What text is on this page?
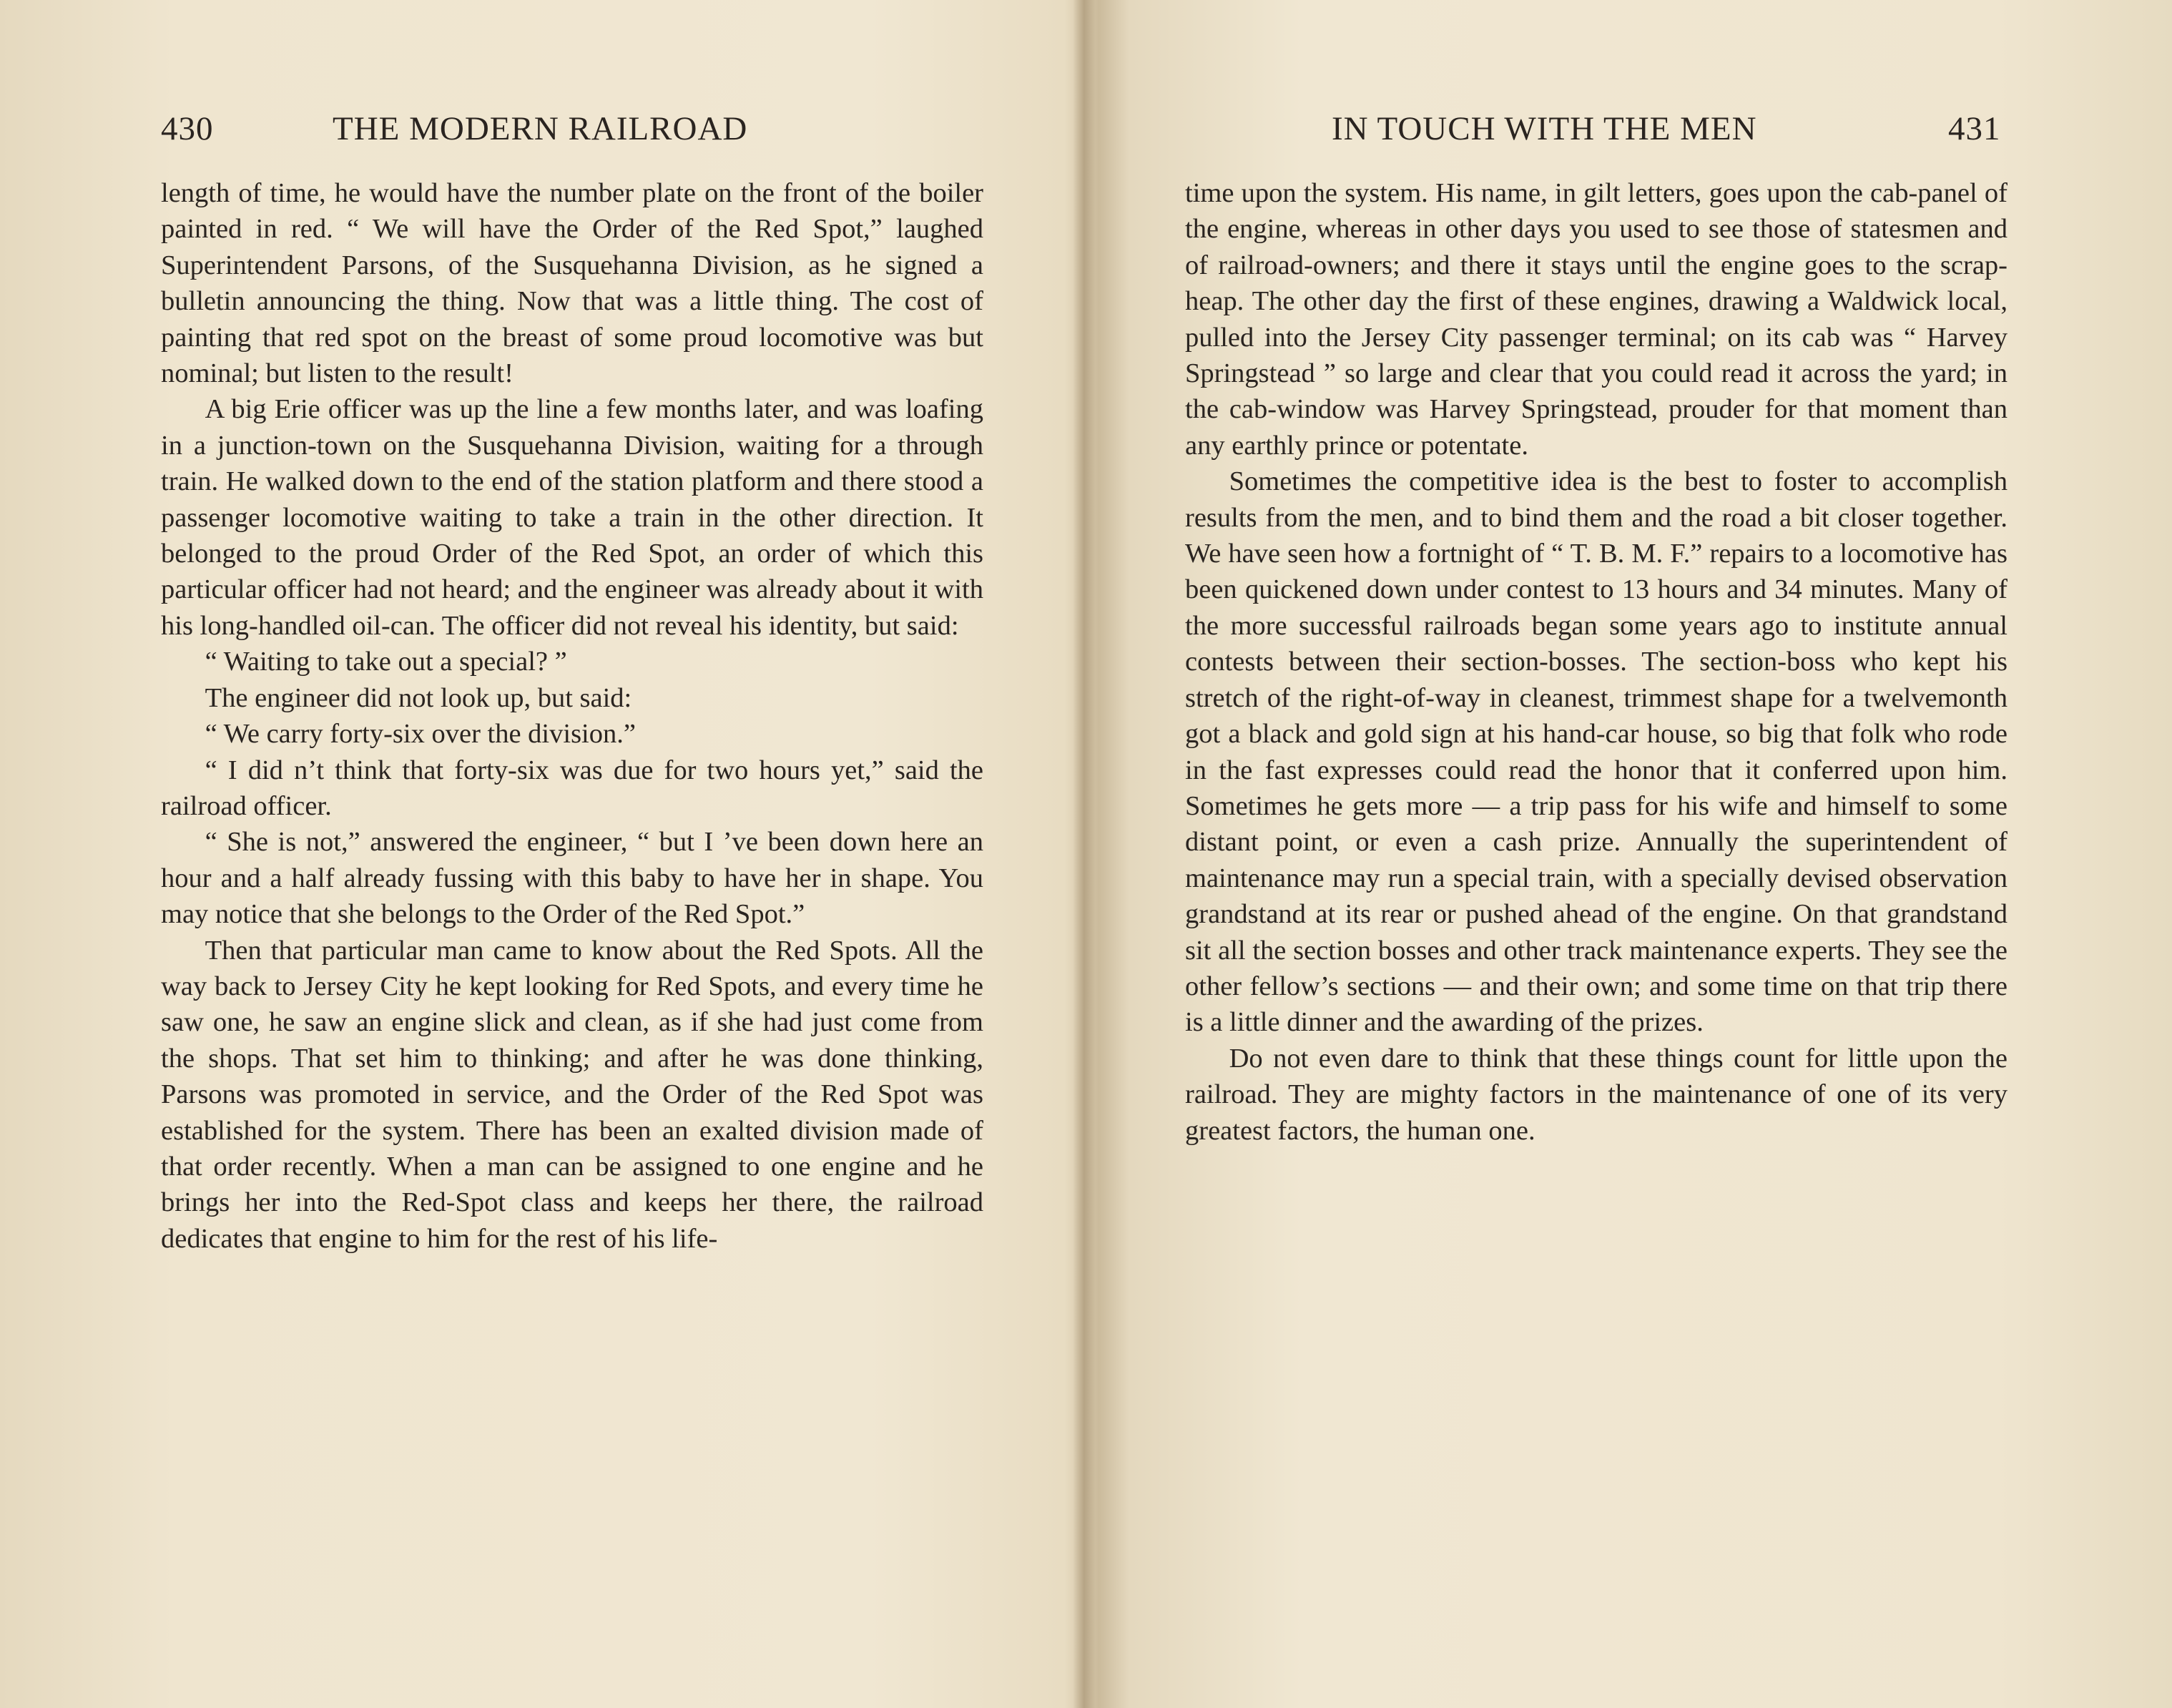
430	THE MODERN RAILROAD

length of time, he would have the number plate on the front of the boiler painted in red. “ We will have the Order of the Red Spot,” laughed Superintendent Parsons, of the Susquehanna Division, as he signed a bulletin announcing the thing. Now that was a little thing. The cost of painting that red spot on the breast of some proud locomotive was but nominal; but listen to the result!

A big Erie officer was up the line a few months later, and was loafing in a junction-town on the Susquehanna Division, waiting for a through train. He walked down to the end of the station platform and there stood a passenger locomotive waiting to take a train in the other direction. It belonged to the proud Order of the Red Spot, an order of which this particular officer had not heard; and the engineer was already about it with his long-handled oil-can. The officer did not reveal his identity, but said:

“ Waiting to take out a special? ”

The engineer did not look up, but said:

“ We carry forty-six over the division.”

“ I did n’t think that forty-six was due for two hours yet,” said the railroad officer.

“ She is not,” answered the engineer, “ but I ’ve been down here an hour and a half already fussing with this baby to have her in shape. You may notice that she belongs to the Order of the Red Spot.”

Then that particular man came to know about the Red Spots. All the way back to Jersey City he kept looking for Red Spots, and every time he saw one, he saw an engine slick and clean, as if she had just come from the shops. That set him to thinking; and after he was done thinking, Parsons was promoted in service, and the Order of the Red Spot was established for the system. There has been an exalted division made of that order recently. When a man can be assigned to one engine and he brings her into the Red-Spot class and keeps her there, the railroad dedicates that engine to him for the rest of his life-

IN TOUCH WITH THE MEN	431

time upon the system. His name, in gilt letters, goes upon the cab-panel of the engine, whereas in other days you used to see those of statesmen and of railroad-owners; and there it stays until the engine goes to the scrap-heap. The other day the first of these engines, drawing a Waldwick local, pulled into the Jersey City passenger terminal; on its cab was “ Harvey Springstead ” so large and clear that you could read it across the yard; in the cab-window was Harvey Springstead, prouder for that moment than any earthly prince or potentate.

Sometimes the competitive idea is the best to foster to accomplish results from the men, and to bind them and the road a bit closer together. We have seen how a fortnight of “ T. B. M. F.” repairs to a locomotive has been quickened down under contest to 13 hours and 34 minutes. Many of the more successful railroads began some years ago to institute annual contests between their section-bosses. The section-boss who kept his stretch of the right-of-way in cleanest, trimmest shape for a twelvemonth got a black and gold sign at his hand-car house, so big that folk who rode in the fast expresses could read the honor that it conferred upon him. Sometimes he gets more — a trip pass for his wife and himself to some distant point, or even a cash prize. Annually the superintendent of maintenance may run a special train, with a specially devised observation grandstand at its rear or pushed ahead of the engine. On that grandstand sit all the section bosses and other track maintenance experts. They see the other fellow’s sections — and their own; and some time on that trip there is a little dinner and the awarding of the prizes.

Do not even dare to think that these things count for little upon the railroad. They are mighty factors in the maintenance of one of its very greatest factors, the human one.
